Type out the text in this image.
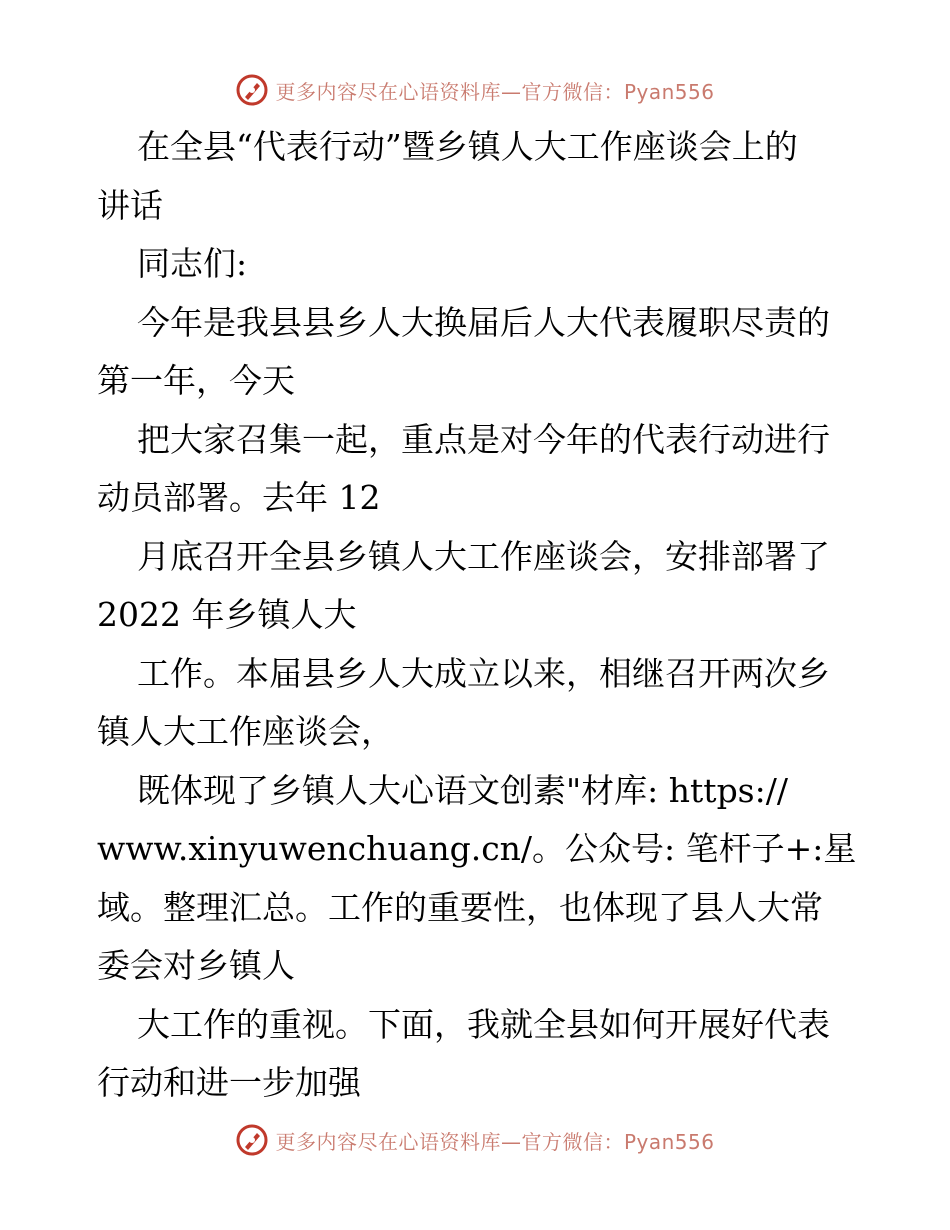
更多内容尽在心语资料库—官方微信：Pyan556
在全县“代表行动”暨乡镇人大工作座谈会上的
讲话
同志们:
今年是我县县乡人大换届后人大代表履职尽责的
第一年，今天
把大家召集一起，重点是对今年的代表行动进行
动员部署。去年 12
月底召开全县乡镇人大工作座谈会，安排部署了
2022 年乡镇人大
工作。本届县乡人大成立以来，相继召开两次乡
镇人大工作座谈会，
既体现了乡镇人大心语文创素"材库: https://
www.xinyuwenchuang.cn/。公众号: 笔杆子+:星
域。整理汇总。工作的重要性，也体现了县人大常
委会对乡镇人
大工作的重视。下面，我就全县如何开展好代表
行动和进一步加强
更多内容尽在心语资料库—官方微信：Pyan556
